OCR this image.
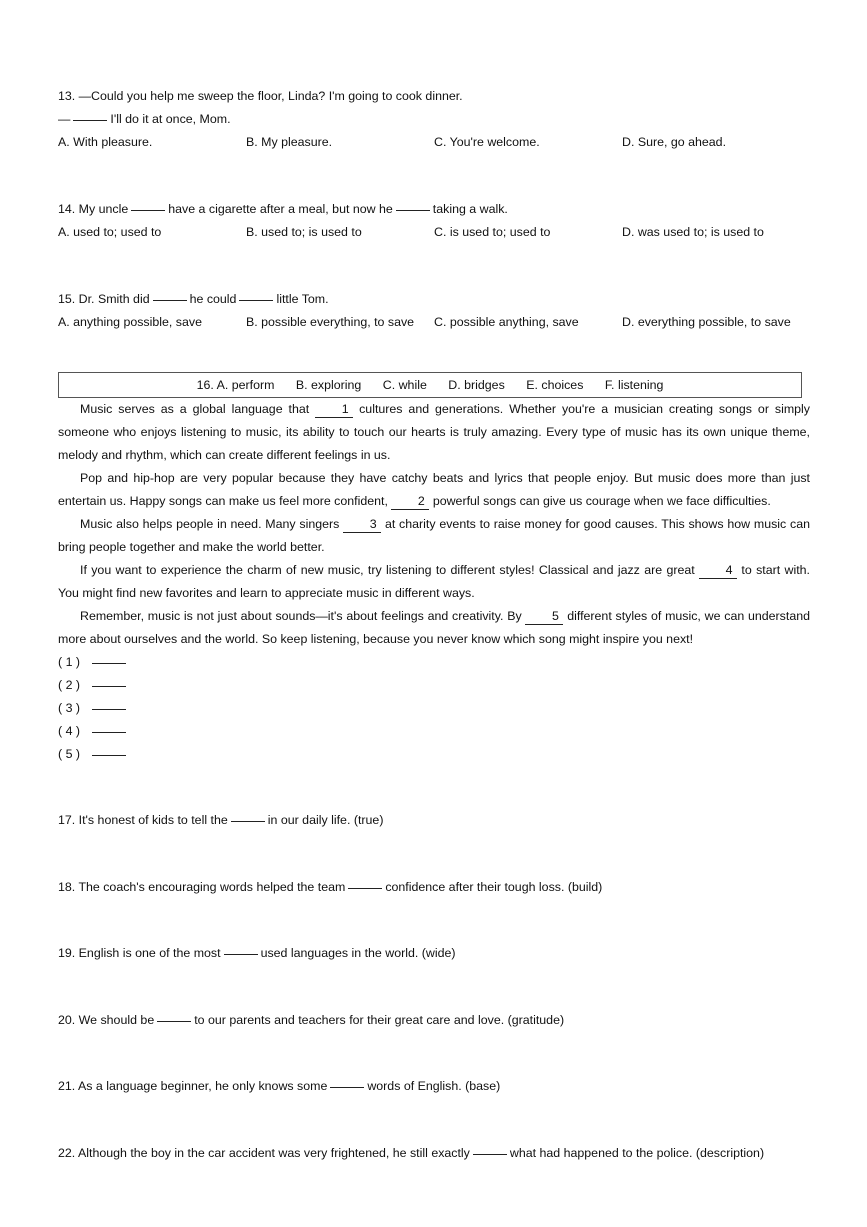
13. —Could you help me sweep the floor, Linda? I'm going to cook dinner.
—	I'll do it at once, Mom.
A. With pleasure.	B. My pleasure.	C. You're welcome.	D. Sure, go ahead.
14. My uncle	have a cigarette after a meal, but now he	taking a walk.
A. used to; used to	B. used to; is used to	C. is used to; used to	D. was used to; is used to
15. Dr. Smith did	he could	little Tom.
A. anything possible, save	B. possible everything, to save	C. possible anything, save	D. everything possible, to save
16. A. perform B. exploring C. while D. bridges E. choices F. listening
Music serves as a global language that	1 cultures and generations. Whether you're a musician creating songs or simply someone who enjoys listening to music, its ability to touch our hearts is truly amazing. Every type of music has its own unique theme, melody and rhythm, which can create different feelings in us.
Pop and hip-hop are very popular because they have catchy beats and lyrics that people enjoy. But music does more than just entertain us. Happy songs can make us feel more confident, 2 powerful songs can give us courage when we face difficulties.
Music also helps people in need. Many singers 3 at charity events to raise money for good causes. This shows how music can bring people together and make the world better.
If you want to experience the charm of new music, try listening to different styles! Classical and jazz are great 4 to start with. You might find new favorites and learn to appreciate music in different ways.
Remember, music is not just about sounds—it's about feelings and creativity. By 5 different styles of music, we can understand more about ourselves and the world. So keep listening, because you never know which song might inspire you next!
( 1 )
( 2 )
( 3 )
( 4 )
( 5 )
17. It's honest of kids to tell the	in our daily life. (true)
18. The coach's encouraging words helped the team	confidence after their tough loss. (build)
19. English is one of the most	used languages in the world. (wide)
20. We should be	to our parents and teachers for their great care and love. (gratitude)
21. As a language beginner, he only knows some	words of English. (base)
22. Although the boy in the car accident was very frightened, he still exactly	what had happened to the police. (description)
